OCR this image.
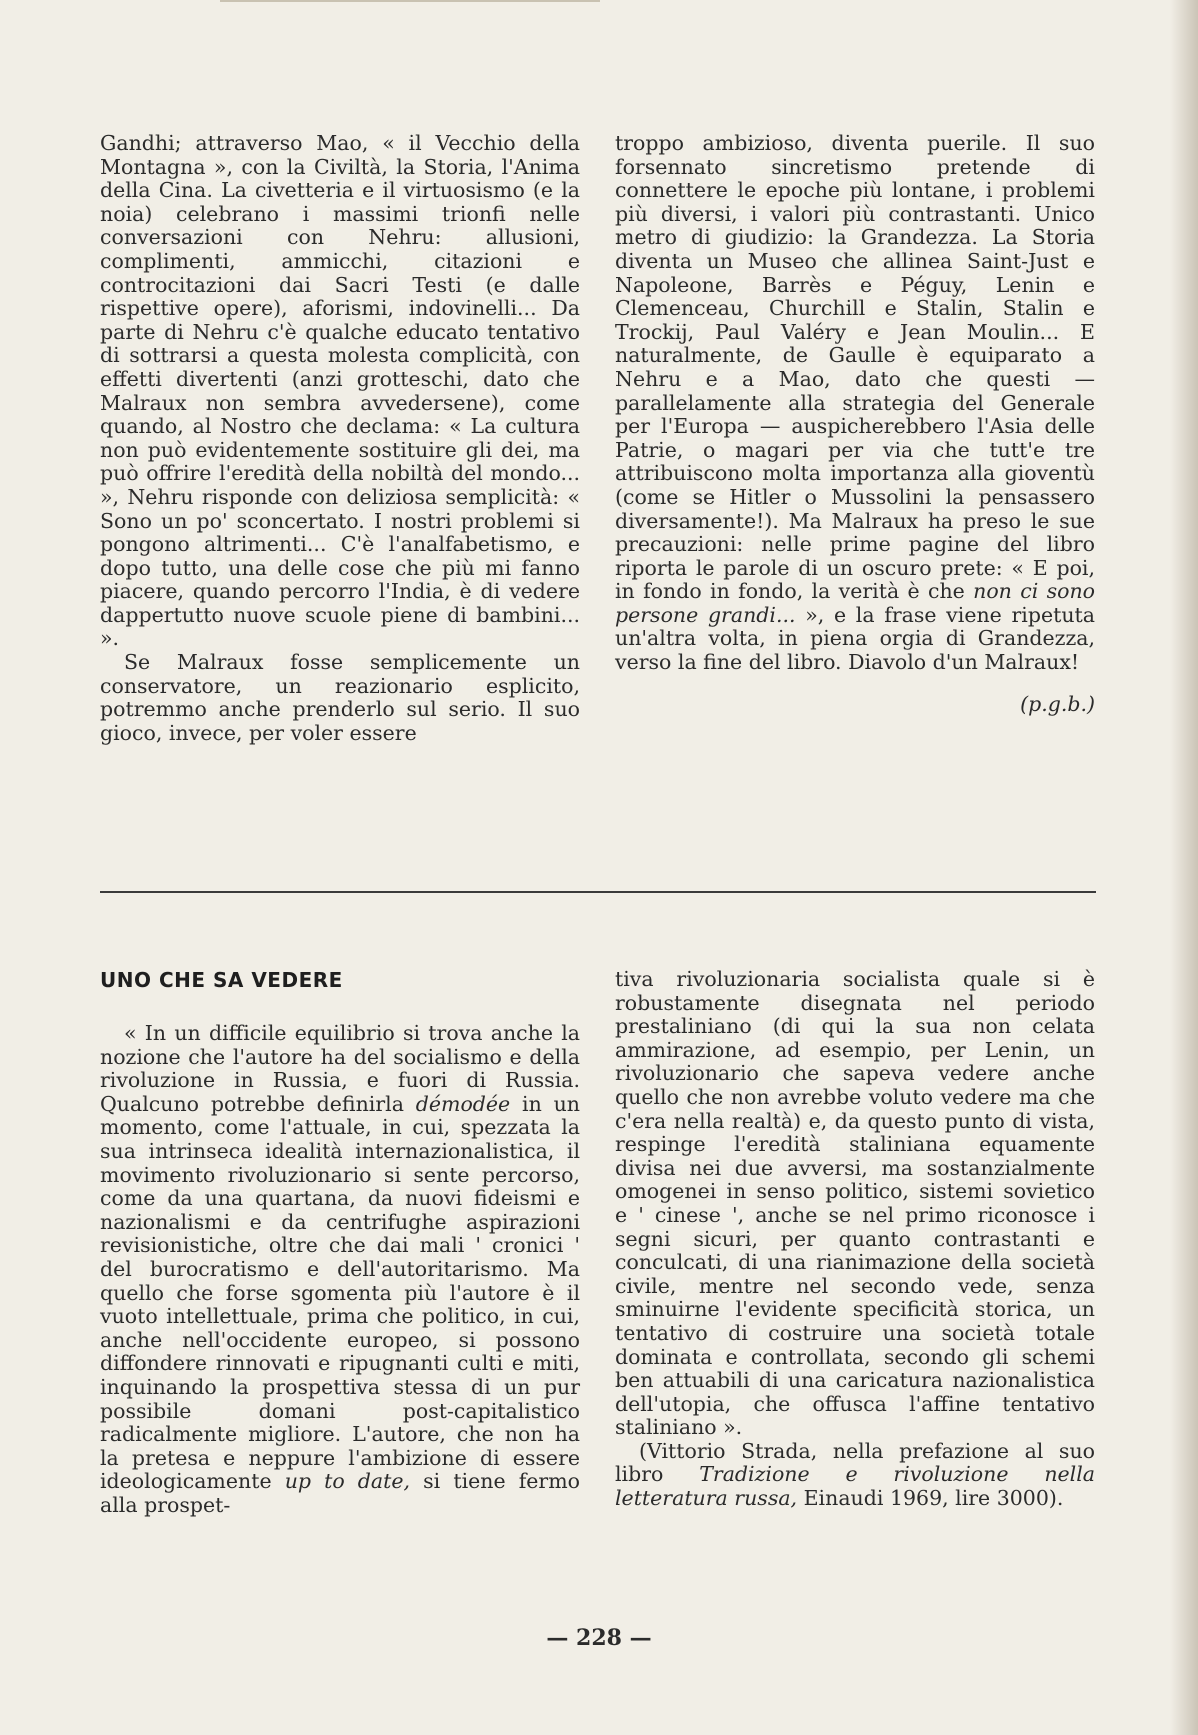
Gandhi; attraverso Mao, « il Vecchio della Montagna », con la Civiltà, la Storia, l'Anima della Cina. La civetteria e il virtuosismo (e la noia) celebrano i massimi trionfi nelle conversazioni con Nehru: allusioni, complimenti, ammicchi, citazioni e controcitazioni dai Sacri Testi (e dalle rispettive opere), aforismi, indovinelli... Da parte di Nehru c'è qualche educato tentativo di sottrarsi a questa molesta complicità, con effetti divertenti (anzi grotteschi, dato che Malraux non sembra avvedersene), come quando, al Nostro che declama: « La cultura non può evidentemente sostituire gli dei, ma può offrire l'eredità della nobiltà del mondo... », Nehru risponde con deliziosa semplicità: « Sono un po' sconcertato. I nostri problemi si pongono altrimenti... C'è l'analfabetismo, e dopo tutto, una delle cose che più mi fanno piacere, quando percorro l'India, è di vedere dappertutto nuove scuole piene di bambini... ».

Se Malraux fosse semplicemente un conservatore, un reazionario esplicito, potremmo anche prenderlo sul serio. Il suo gioco, invece, per voler essere

troppo ambizioso, diventa puerile. Il suo forsennato sincretismo pretende di connettere le epoche più lontane, i problemi più diversi, i valori più contrastanti. Unico metro di giudizio: la Grandezza. La Storia diventa un Museo che allinea Saint-Just e Napoleone, Barrès e Péguy, Lenin e Clemenceau, Churchill e Stalin, Stalin e Trockij, Paul Valéry e Jean Moulin... E naturalmente, de Gaulle è equiparato a Nehru e a Mao, dato che questi — parallelamente alla strategia del Generale per l'Europa — auspicherebbero l'Asia delle Patrie, o magari per via che tutt'e tre attribuiscono molta importanza alla gioventù (come se Hitler o Mussolini la pensassero diversamente!). Ma Malraux ha preso le sue precauzioni: nelle prime pagine del libro riporta le parole di un oscuro prete: « E poi, in fondo in fondo, la verità è che non ci sono persone grandi... », e la frase viene ripetuta un'altra volta, in piena orgia di Grandezza, verso la fine del libro. Diavolo d'un Malraux!

(p.g.b.)

UNO CHE SA VEDERE

« In un difficile equilibrio si trova anche la nozione che l'autore ha del socialismo e della rivoluzione in Russia, e fuori di Russia. Qualcuno potrebbe definirla démodée in un momento, come l'attuale, in cui, spezzata la sua intrinseca idealità internazionalistica, il movimento rivoluzionario si sente percorso, come da una quartana, da nuovi fideismi e nazionalismi e da centrifughe aspirazioni revisionistiche, oltre che dai mali ' cronici ' del burocratismo e dell'autoritarismo. Ma quello che forse sgomenta più l'autore è il vuoto intellettuale, prima che politico, in cui, anche nell'occidente europeo, si possono diffondere rinnovati e ripugnanti culti e miti, inquinando la prospettiva stessa di un pur possibile domani post-capitalistico radicalmente migliore. L'autore, che non ha la pretesa e neppure l'ambizione di essere ideologicamente up to date, si tiene fermo alla prospet-

tiva rivoluzionaria socialista quale si è robustamente disegnata nel periodo prestaliniano (di qui la sua non celata ammirazione, ad esempio, per Lenin, un rivoluzionario che sapeva vedere anche quello che non avrebbe voluto vedere ma che c'era nella realtà) e, da questo punto di vista, respinge l'eredità staliniana equamente divisa nei due avversi, ma sostanzialmente omogenei in senso politico, sistemi sovietico e ' cinese ', anche se nel primo riconosce i segni sicuri, per quanto contrastanti e conculcati, di una rianimazione della società civile, mentre nel secondo vede, senza sminuirne l'evidente specificità storica, un tentativo di costruire una società totale dominata e controllata, secondo gli schemi ben attuabili di una caricatura nazionalistica dell'utopia, che offusca l'affine tentativo staliniano ».

(Vittorio Strada, nella prefazione al suo libro Tradizione e rivoluzione nella letteratura russa, Einaudi 1969, lire 3000).

— 228 —
